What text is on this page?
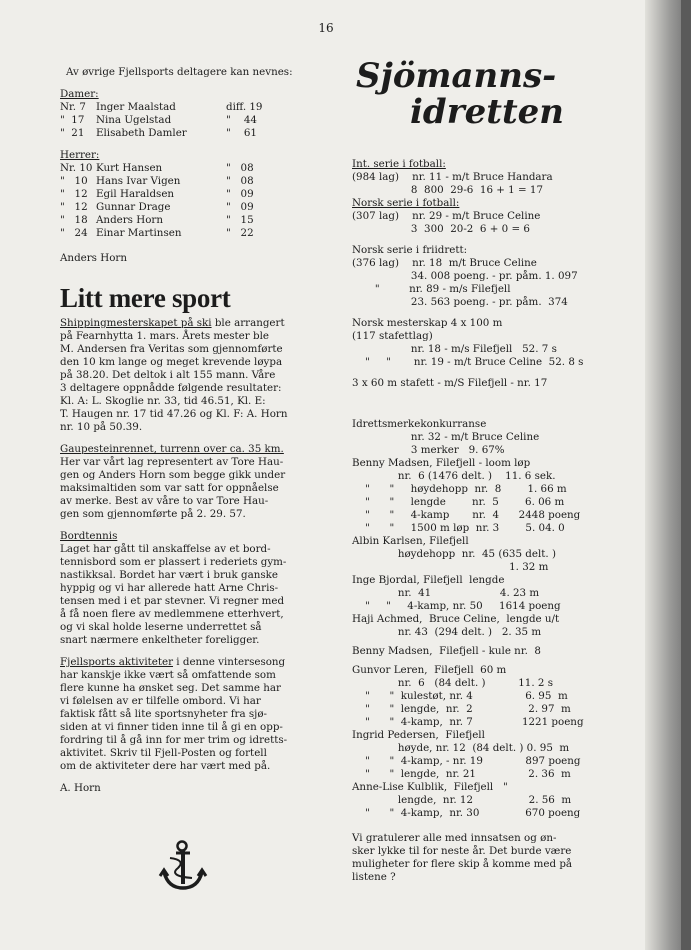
16
Av øvrige Fjellsports deltagere kan nevnes:
Damer:
Nr. 7 Inger Maalstad	diff. 19
"  17 Nina Ugelstad	"    44
"  21 Elisabeth Damler	"    61
Herrer:
Nr. 10 Kurt Hansen	"   08
"   10 Hans Ivar Vigen	"   08
"   12 Egil Haraldsen	"   09
"   12 Gunnar Drage	"   09
"   18 Anders Horn	"   15
"   24 Einar Martinsen	"   22
Anders Horn
Litt mere sport
Shippingmesterskapet på ski ble arrangert

på Fearnhytta 1. mars. Årets mester ble
M. Andersen fra Veritas som gjennomførte
den 10 km lange og meget krevende løypa
på 38.20. Det deltok i alt 155 mann. Våre
3 deltagere oppnådde følgende resultater:
Kl. A: L. Skoglie nr. 33, tid 46.51, Kl. E:
T. Haugen nr. 17 tid 47.26 og Kl. F: A. Horn
nr. 10 på 50.39.
Gaupesteinrennet, turrenn over ca. 35 km.
Her var vårt lag representert av Tore Hau-
gen og Anders Horn som begge gikk under
maksimaltiden som var satt for oppnåelse
av merke. Best av våre to var Tore Hau-
gen som gjennomførte på 2. 29. 57.
Bordtennis
Laget har gått til anskaffelse av et bord-
tennisbord som er plassert i rederiets gym-
nastikksal. Bordet har vært i bruk ganske
hyppig og vi har allerede hatt Arne Chris-
tensen med i et par stevner. Vi regner med
å få noen flere av medlemmene etterhvert,
og vi skal holde leserne underrettet så
snart nærmere enkeltheter foreligger.
Fjellsports aktiviteter i denne vintersesong

har kanskje ikke vært så omfattende som
flere kunne ha ønsket seg. Det samme har
vi følelsen av er tilfelle ombord. Vi har
faktisk fått så lite sportsnyheter fra sjø-
siden at vi finner tiden inne til å gi en opp-
fordring til å gå inn for mer trim og idretts-
aktivitet. Skriv til Fjell-Posten og fortell
om de aktiviteter dere har vært med på.
A. Horn
Sjömanns-
idretten
Int. serie i fotball:
(984 lag)    nr. 11 - m/t Bruce Handara
8  800  29-6  16 + 1 = 17
Norsk serie i fotball:
(307 lag)    nr. 29 - m/t Bruce Celine
3  300  20-2  6 + 0 = 6
Norsk serie i friidrett:
(376 lag)    nr. 18  m/t Bruce Celine
34. 008 poeng. - pr. påm. 1. 097
"         nr. 89 - m/s Filefjell
23. 563 poeng. - pr. påm.  374
Norsk mesterskap 4 x 100 m
(117 stafettlag)
nr. 18 - m/s Filefjell   52. 7 s
"     "       nr. 19 - m/t Bruce Celine  52. 8 s
3 x 60 m stafett - m/S Filefjell - nr. 17
Idrettsmerkekonkurranse
nr. 32 - m/t Bruce Celine
3 merker   9. 67%
Benny Madsen, Filefjell - loom løp
nr.  6 (1476 delt. )    11. 6 sek.
"      "     høydehopp  nr.  8        1. 66 m
"      "     lengde        nr.  5        6. 06 m
"      "     4-kamp       nr.  4      2448 poeng
"      "     1500 m løp  nr. 3        5. 04. 0
Albin Karlsen, Filefjell
høydehopp  nr.  45 (635 delt. )
1. 32 m
Inge Bjordal, Filefjell  lengde
nr.  41                     4. 23 m
"     "     4-kamp, nr. 50     1614 poeng
Haji Achmed,  Bruce Celine,  lengde u/t
nr. 43  (294 delt. )   2. 35 m

Benny Madsen,  Filefjell - kule nr.  8

Gunvor Leren,  Filefjell  60 m
nr.  6   (84 delt. )          11. 2 s
"      "  kulestøt, nr. 4                6. 95  m
"      "  lengde,  nr.  2                 2. 97  m
"      "  4-kamp,  nr. 7               1221 poeng
Ingrid Pedersen,  Filefjell
høyde, nr. 12  (84 delt. ) 0. 95  m
"      "  4-kamp, - nr. 19             897 poeng
"      "  lengde,  nr. 21                2. 36  m
Anne-Lise Kulblik,  Filefjell   "
lengde,  nr. 12                 2. 56  m
"      "  4-kamp,  nr. 30              670 poeng
Vi gratulerer alle med innsatsen og øn-
sker lykke til for neste år. Det burde være
muligheter for flere skip å komme med på
listene ?
